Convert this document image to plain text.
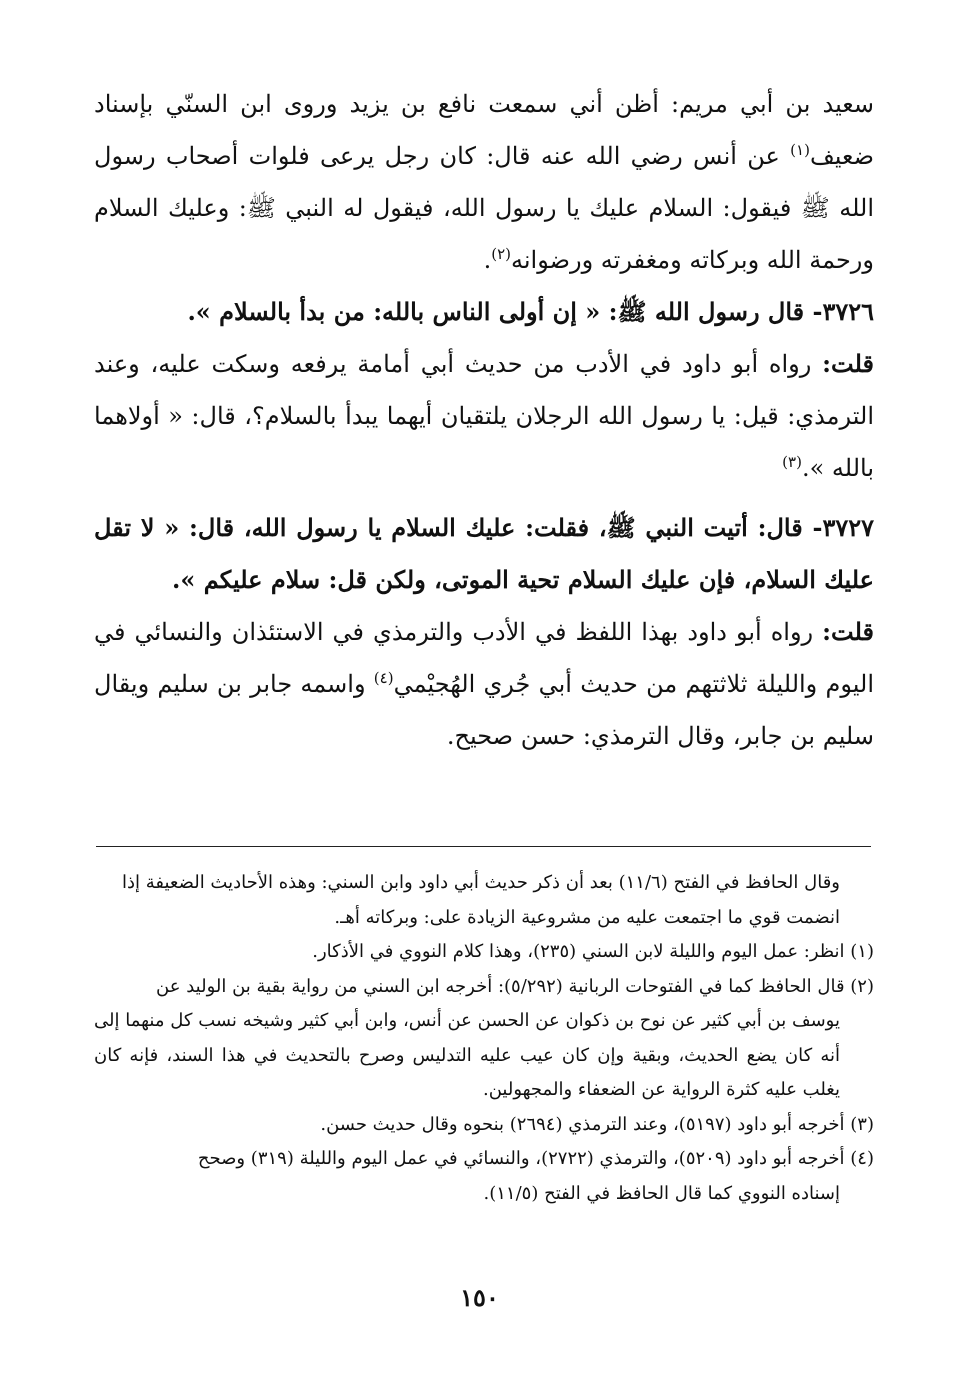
سعيد بن أبي مريم: أظن أني سمعت نافع بن يزيد وروى ابن السنّي بإسناد ضعيف$^{(١)}$ عن أنس رضي الله عنه قال: كان رجل يرعى فلوات أصحاب رسول الله ﷺ فيقول: السلام عليك يا رسول الله، فيقول له النبي ﷺ: وعليك السلام ورحمة الله وبركاته ومغفرته ورضوانه$^{(٢)}$.

٣٧٢٦- قال رسول الله ﷺ: « إن أولى الناس بالله: من بدأ بالسلام ».

قلت: رواه أبو داود في الأدب من حديث أبي أمامة يرفعه وسكت عليه، وعند الترمذي: قيل: يا رسول الله الرجلان يلتقيان أيهما يبدأ بالسلام؟، قال: « أولاهما بالله ».$^{(٣)}$

٣٧٢٧- قال: أتيت النبي ﷺ، فقلت: عليك السلام يا رسول الله، قال: « لا تقل عليك السلام، فإن عليك السلام تحية الموتى، ولكن قل: سلام عليكم ».

قلت: رواه أبو داود بهذا اللفظ في الأدب والترمذي في الاستئذان والنسائي في اليوم والليلة ثلاثتهم من حديث أبي جُري الهُجيْمي$^{(٤)}$ واسمه جابر بن سليم ويقال سليم بن جابر، وقال الترمذي: حسن صحيح.

وقال الحافظ في الفتح (١١/٦) بعد أن ذكر حديث أبي داود وابن السني: وهذه الأحاديث الضعيفة إذا

انضمت قوي ما اجتمعت عليه من مشروعية الزيادة على: وبركاته أهـ.

(١) انظر: عمل اليوم والليلة لابن السني (٢٣٥)، وهذا كلام النووي في الأذكار.

(٢) قال الحافظ كما في الفتوحات الربانية (٥/٢٩٢): أخرجه ابن السني من رواية بقية بن الوليد عن

يوسف بن أبي كثير عن نوح بن ذكوان عن الحسن عن أنس، وابن أبي كثير وشيخه نسب كل منهما إلى أنه كان يضع الحديث، وبقية وإن كان عيب عليه التدليس وصرح بالتحديث في هذا السند، فإنه كان يغلب عليه كثرة الرواية عن الضعفاء والمجهولين.

(٣) أخرجه أبو داود (٥١٩٧)، وعند الترمذي (٢٦٩٤) بنحوه وقال حديث حسن.

(٤) أخرجه أبو داود (٥٢٠٩)، والترمذي (٢٧٢٢)، والنسائي في عمل اليوم والليلة (٣١٩) وصحح

إسناده النووي كما قال الحافظ في الفتح (١١/٥).

١٥٠
